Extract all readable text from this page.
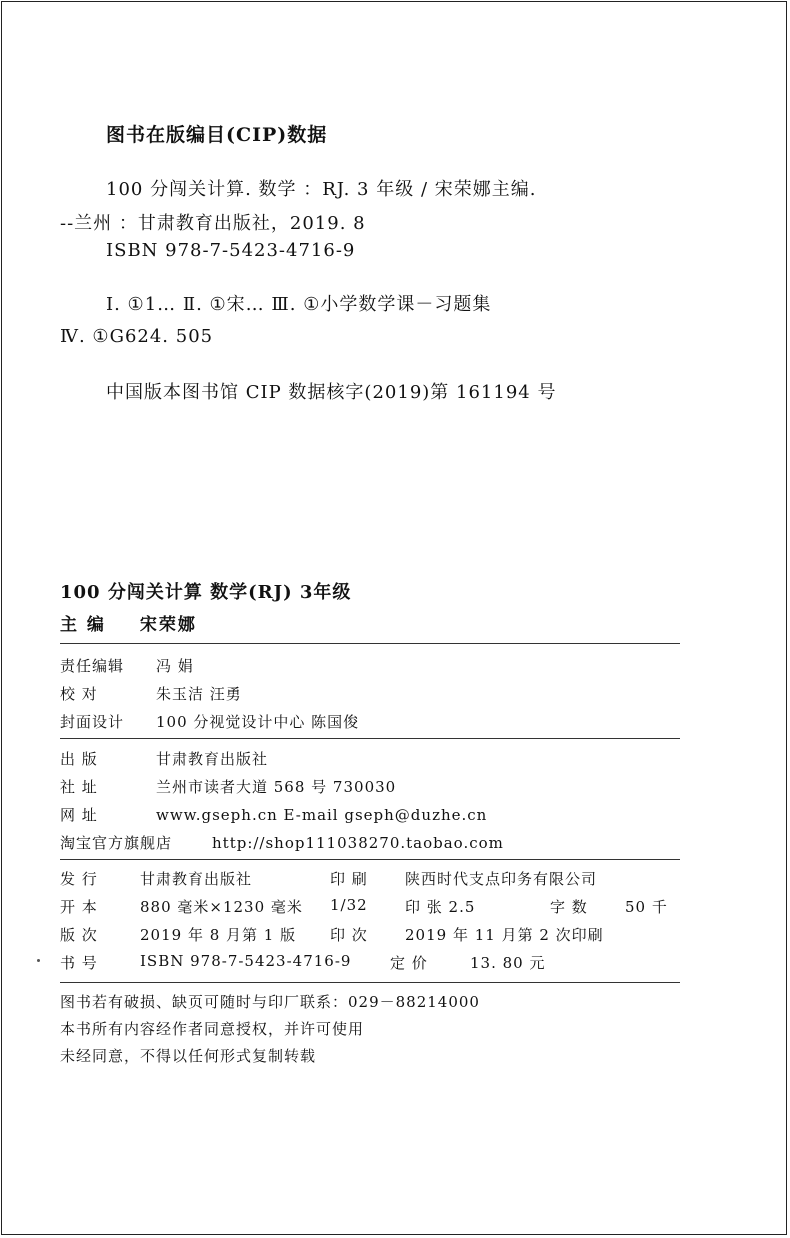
图书在版编目(CIP)数据
100 分闯关计算. 数学 ：RJ. 3 年级 / 宋荣娜主编.
--兰州 ：甘肃教育出版社，2019. 8
ISBN 978-7-5423-4716-9
Ⅰ. ①1… Ⅱ. ①宋… Ⅲ. ①小学数学课－习题集
Ⅳ. ①G624. 505
中国版本图书馆 CIP 数据核字(2019)第 161194 号
100 分闯关计算 数学(RJ) 3年级
主 编 宋荣娜
责任编辑 冯 娟
校 对	朱玉洁 汪勇
封面设计 100 分视觉设计中心 陈国俊
出 版	甘肃教育出版社
社 址	兰州市读者大道 568 号 730030
网 址	www.gseph.cn E-mail gseph@duzhe.cn
淘宝官方旗舰店	http://shop111038270.taobao.com
发 行	甘肃教育出版社	印 刷 陕西时代支点印务有限公司
开 本	880 毫米×1230 毫米 1/32 印 张 2.5	字 数 50 千
版 次	2019 年 8 月第 1 版 印 次 2019 年 11 月第 2 次印刷
书 号	ISBN 978-7-5423-4716-9	定 价	13. 80 元
图书若有破损、缺页可随时与印厂联系：029－88214000
本书所有内容经作者同意授权，并许可使用
未经同意，不得以任何形式复制转载
